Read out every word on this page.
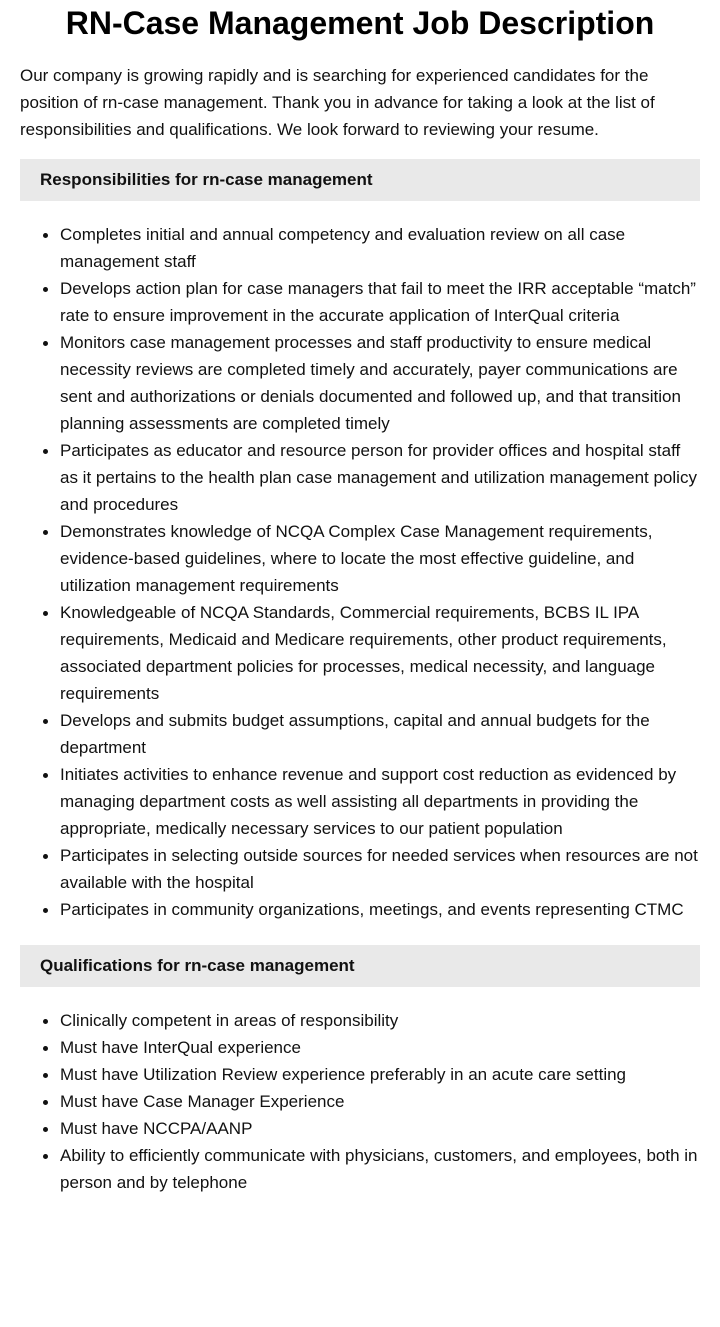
RN-Case Management Job Description

Our company is growing rapidly and is searching for experienced candidates for the position of rn-case management. Thank you in advance for taking a look at the list of responsibilities and qualifications. We look forward to reviewing your resume.

Responsibilities for rn-case management
Completes initial and annual competency and evaluation review on all case management staff
Develops action plan for case managers that fail to meet the IRR acceptable “match” rate to ensure improvement in the accurate application of InterQual criteria
Monitors case management processes and staff productivity to ensure medical necessity reviews are completed timely and accurately, payer communications are sent and authorizations or denials documented and followed up, and that transition planning assessments are completed timely
Participates as educator and resource person for provider offices and hospital staff as it pertains to the health plan case management and utilization management policy and procedures
Demonstrates knowledge of NCQA Complex Case Management requirements, evidence-based guidelines, where to locate the most effective guideline, and utilization management requirements
Knowledgeable of NCQA Standards, Commercial requirements, BCBS IL IPA requirements, Medicaid and Medicare requirements, other product requirements, associated department policies for processes, medical necessity, and language requirements
Develops and submits budget assumptions, capital and annual budgets for the department
Initiates activities to enhance revenue and support cost reduction as evidenced by managing department costs as well assisting all departments in providing the appropriate, medically necessary services to our patient population
Participates in selecting outside sources for needed services when resources are not available with the hospital
Participates in community organizations, meetings, and events representing CTMC
Qualifications for rn-case management
Clinically competent in areas of responsibility
Must have InterQual experience
Must have Utilization Review experience preferably in an acute care setting
Must have Case Manager Experience
Must have NCCPA/AANP
Ability to efficiently communicate with physicians, customers, and employees, both in person and by telephone
